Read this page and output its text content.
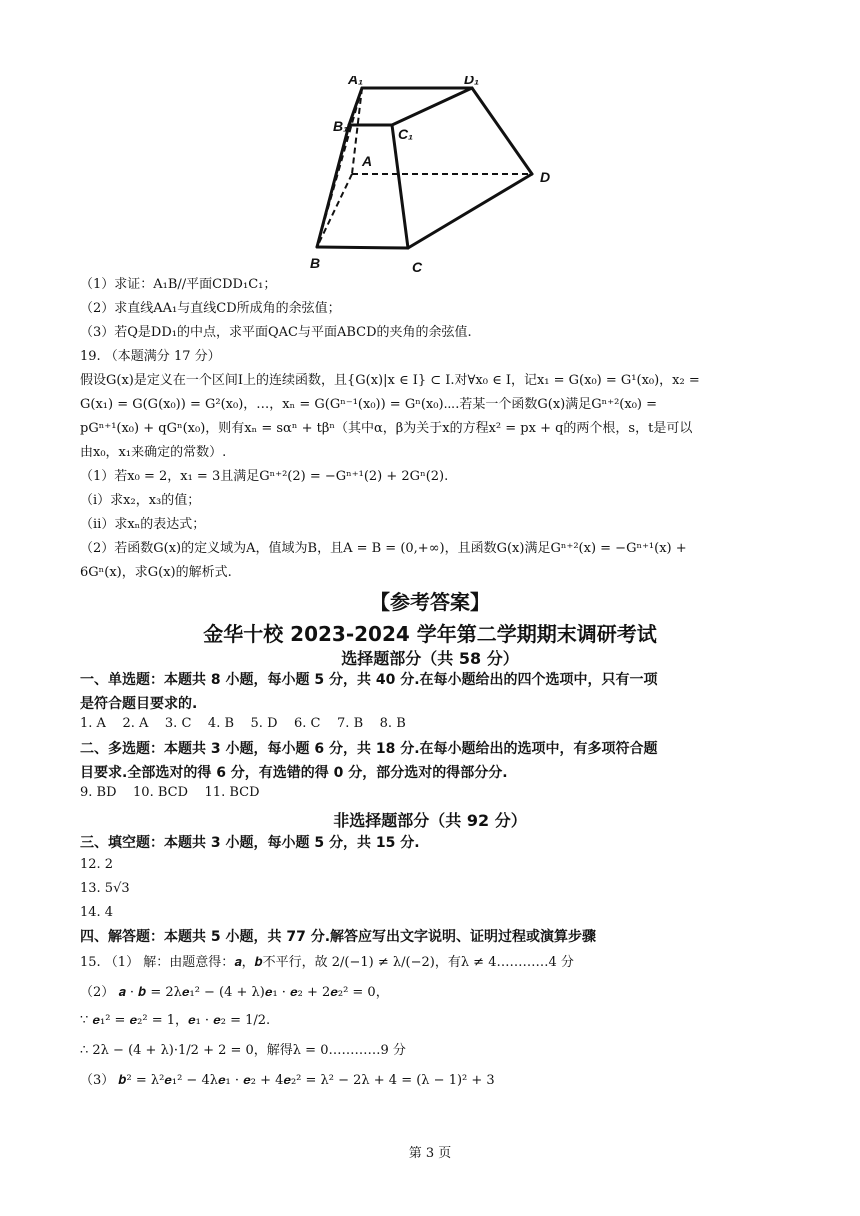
A₁	D₁
B₁	C₁
A
B	C
D
（1）求证：A₁B//平面CDD₁C₁；
（2）求直线AA₁与直线CD所成角的余弦值；
（3）若Q是DD₁的中点，求平面QAC与平面ABCD的夹角的余弦值.
19. （本题满分 17 分）
假设G(x)是定义在一个区间I上的连续函数，且{G(x)|x ∈ I} ⊂ I.对∀x₀ ∈ I，记x₁ = G(x₀) = G¹(x₀)，x₂ =
G(x₁) = G(G(x₀)) = G²(x₀)，…，xₙ = G(Gⁿ⁻¹(x₀)) = Gⁿ(x₀)⋯.若某一个函数G(x)满足Gⁿ⁺²(x₀) =
pGⁿ⁺¹(x₀) + qGⁿ(x₀)，则有xₙ = sαⁿ + tβⁿ（其中α，β为关于x的方程x² = px + q的两个根，s，t是可以
由x₀，x₁来确定的常数）.
（1）若x₀ = 2，x₁ = 3且满足Gⁿ⁺²(2) = −Gⁿ⁺¹(2) + 2Gⁿ(2).
（ⅰ）求x₂，x₃的值；
（ⅱ）求xₙ的表达式；
（2）若函数G(x)的定义域为A，值域为B，且A = B = (0,+∞)，且函数G(x)满足Gⁿ⁺²(x) = −Gⁿ⁺¹(x) +
6Gⁿ(x)，求G(x)的解析式.
【参考答案】
金华十校 2023-2024 学年第二学期期末调研考试
选择题部分（共 58 分）
一、单选题：本题共 8 小题，每小题 5 分，共 40 分.在每小题给出的四个选项中，只有一项
是符合题目要求的.
1. A    2. A    3. C    4. B    5. D    6. C    7. B    8. B
二、多选题：本题共 3 小题，每小题 6 分，共 18 分.在每小题给出的选项中，有多项符合题
目要求.全部选对的得 6 分，有选错的得 0 分，部分选对的得部分分.
9. BD    10. BCD    11. BCD
非选择题部分（共 92 分）
三、填空题：本题共 3 小题，每小题 5 分，共 15 分.
12. 2
13. 5√3
14. 4
四、解答题：本题共 5 小题，共 77 分.解答应写出文字说明、证明过程或演算步骤
15. （1） 解：由题意得：𝒂，𝒃不平行，故 2/(−1) ≠ λ/(−2)，有λ ≠ 4…………4 分
（2） 𝒂 · 𝒃 = 2λ𝒆₁² − (4 + λ)𝒆₁ · 𝒆₂ + 2𝒆₂² = 0，
∵ 𝒆₁² = 𝒆₂² = 1，𝒆₁ · 𝒆₂ = 1/2.
∴ 2λ − (4 + λ)·1/2 + 2 = 0，解得λ = 0…………9 分
（3） 𝒃² = λ²𝒆₁² − 4λ𝒆₁ · 𝒆₂ + 4𝒆₂² = λ² − 2λ + 4 = (λ − 1)² + 3
第 3 页
